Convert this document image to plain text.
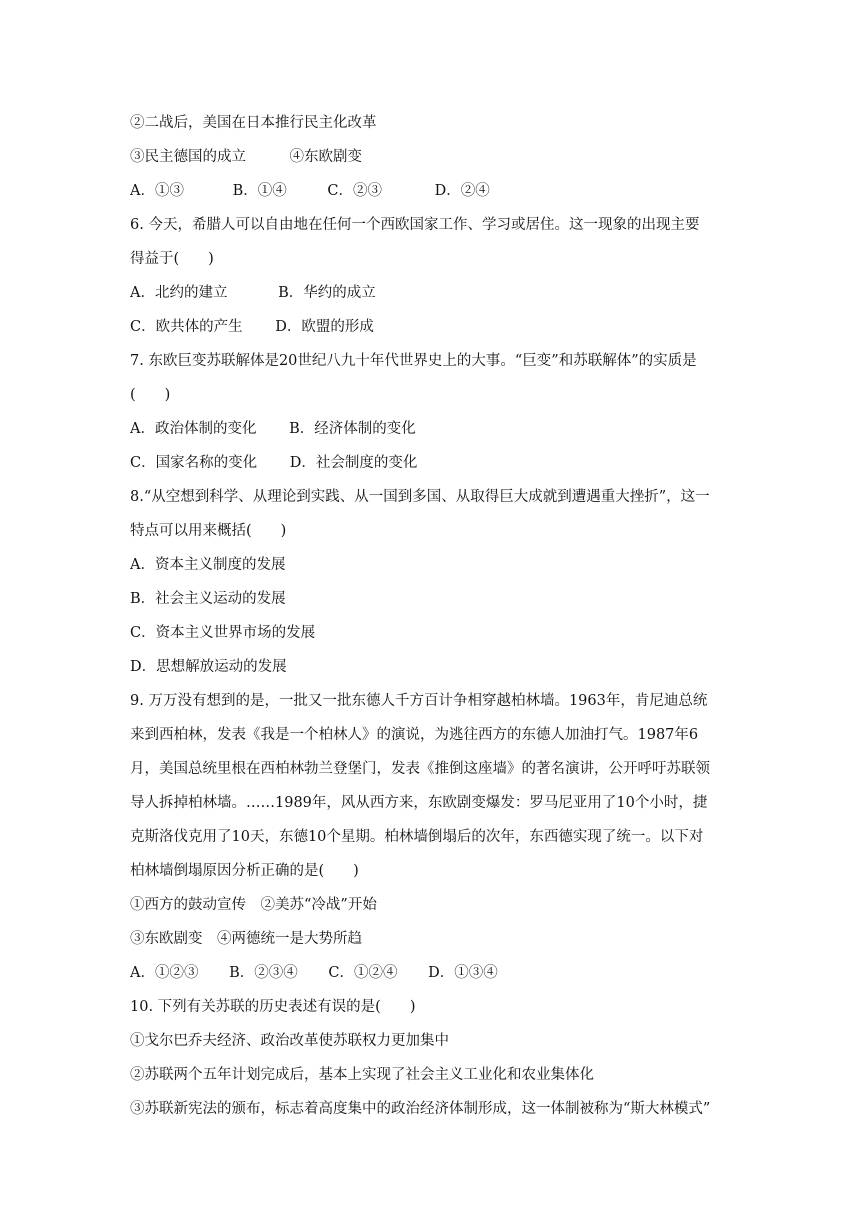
②二战后，美国在日本推行民主化改革
③民主德国的成立　　　④东欧剧变
A．①③	B．①④	C．②③	D．②④
6. 今天，希腊人可以自由地在任何一个西欧国家工作、学习或居住。这一现象的出现主要
得益于(　　)
A．北约的建立	B．华约的成立
C．欧共体的产生 D．欧盟的形成
7. 东欧巨变苏联解体是20世纪八九十年代世界史上的大事。“巨变”和苏联解体”的实质是
(　　)
A．政治体制的变化 B．经济体制的变化
C．国家名称的变化 D．社会制度的变化
8.“从空想到科学、从理论到实践、从一国到多国、从取得巨大成就到遭遇重大挫折”，这一
特点可以用来概括(　　)
A．资本主义制度的发展
B．社会主义运动的发展
C．资本主义世界市场的发展
D．思想解放运动的发展
9. 万万没有想到的是，一批又一批东德人千方百计争相穿越柏林墙。1963年，肯尼迪总统
来到西柏林，发表《我是一个柏林人》的演说，为逃往西方的东德人加油打气。1987年6
月，美国总统里根在西柏林勃兰登堡门，发表《推倒这座墙》的著名演讲，公开呼吁苏联领
导人拆掉柏林墙。……1989年，风从西方来，东欧剧变爆发：罗马尼亚用了10个小时，捷
克斯洛伐克用了10天，东德10个星期。柏林墙倒塌后的次年，东西德实现了统一。以下对
柏林墙倒塌原因分析正确的是(　　)
①西方的鼓动宣传　②美苏“冷战”开始
③东欧剧变　④两德统一是大势所趋
A．①②③ B．②③④ C．①②④ D．①③④
10. 下列有关苏联的历史表述有误的是(　　)
①戈尔巴乔夫经济、政治改革使苏联权力更加集中
②苏联两个五年计划完成后，基本上实现了社会主义工业化和农业集体化
③苏联新宪法的颁布，标志着高度集中的政治经济体制形成，这一体制被称为“斯大林模式”
